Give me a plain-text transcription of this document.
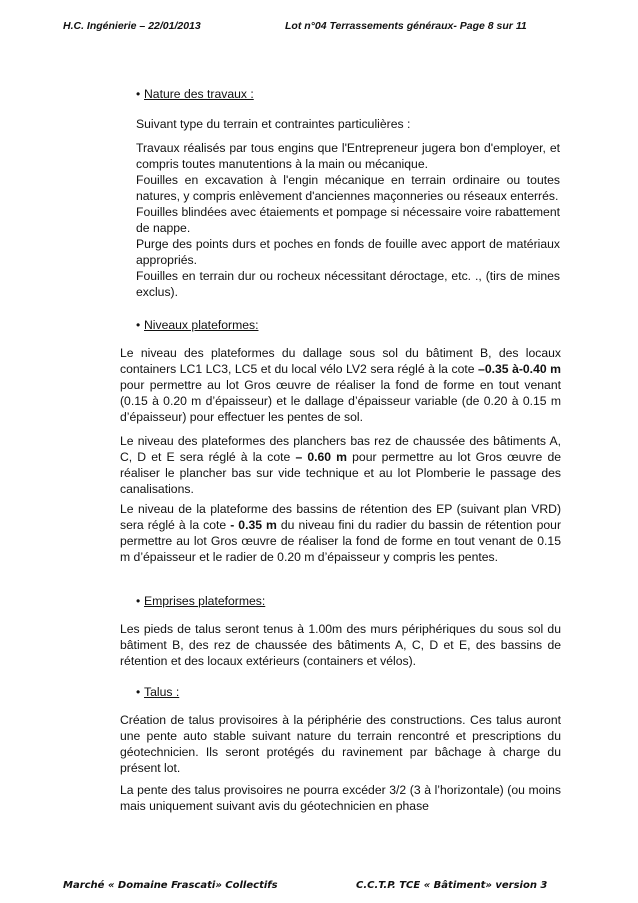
H.C. Ingénierie – 22/01/2013	Lot n°04 Terrassements généraux- Page 8 sur 11
• Nature des travaux :
Suivant type du terrain et contraintes particulières :
Travaux réalisés par tous engins que l'Entrepreneur jugera bon d'employer, et compris toutes manutentions à la main ou mécanique.
Fouilles en excavation à l'engin mécanique en terrain ordinaire ou toutes natures, y compris enlèvement d'anciennes maçonneries ou réseaux enterrés.
Fouilles blindées avec étaiements et pompage si nécessaire voire rabattement de nappe.
Purge des points durs et poches en fonds de fouille avec apport de matériaux appropriés.
Fouilles en terrain dur ou rocheux nécessitant déroctage, etc. ., (tirs de mines exclus).
• Niveaux plateformes:
Le niveau des plateformes du dallage sous sol du bâtiment B, des locaux containers LC1 LC3, LC5 et du local vélo LV2 sera réglé à la cote –0.35 à-0.40 m pour permettre au lot Gros œuvre de réaliser la fond de forme en tout venant (0.15 à 0.20 m d’épaisseur) et le dallage d’épaisseur variable (de 0.20 à 0.15 m d’épaisseur) pour effectuer les pentes de sol.
Le niveau des plateformes des planchers bas rez de chaussée des bâtiments A, C, D et E sera réglé à la cote – 0.60 m pour permettre au lot Gros œuvre de réaliser le plancher bas sur vide technique et au lot Plomberie le passage des canalisations.
Le niveau de la plateforme des bassins de rétention des EP (suivant plan VRD) sera réglé à la cote - 0.35 m du niveau fini du radier du bassin de rétention pour permettre au lot Gros œuvre de réaliser la fond de forme en tout venant de 0.15 m d’épaisseur et le radier de 0.20 m d’épaisseur y compris les pentes.
• Emprises plateformes:
Les pieds de talus seront tenus à 1.00m des murs périphériques du sous sol du bâtiment B, des rez de chaussée des bâtiments A, C, D et E, des bassins de rétention et des locaux extérieurs (containers et vélos).
• Talus :
Création de talus provisoires à la périphérie des constructions. Ces talus auront une pente auto stable suivant nature du terrain rencontré et prescriptions du géotechnicien. Ils seront protégés du ravinement par bâchage à charge du présent lot.
La pente des talus provisoires ne pourra excéder 3/2 (3 à l’horizontale) (ou moins mais uniquement suivant avis du géotechnicien en phase
Marché « Domaine Frascati» Collectifs	C.C.T.P. TCE « Bâtiment» version 3
